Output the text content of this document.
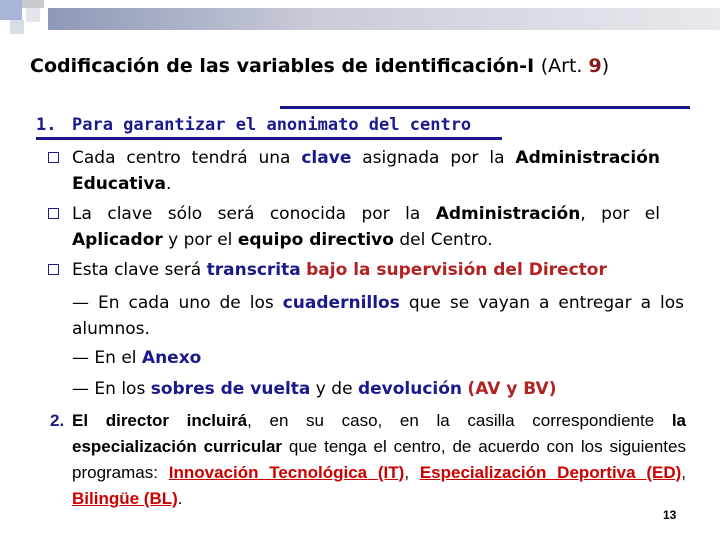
Codificación de las variables de identificación-I (Art. 9)
1. Para garantizar el anonimato del centro
Cada centro tendrá una clave asignada por la Administración Educativa.
La clave sólo será conocida por la Administración, por el Aplicador y por el equipo directivo del Centro.
Esta clave será transcrita bajo la supervisión del Director
— En cada uno de los cuadernillos que se vayan a entregar a los alumnos.
— En el Anexo
— En los sobres de vuelta y de devolución (AV y BV)
2. El director incluirá, en su caso, en la casilla correspondiente la especialización curricular que tenga el centro, de acuerdo con los siguientes programas: Innovación Tecnológica (IT), Especialización Deportiva (ED), Bilingüe (BL).
13
